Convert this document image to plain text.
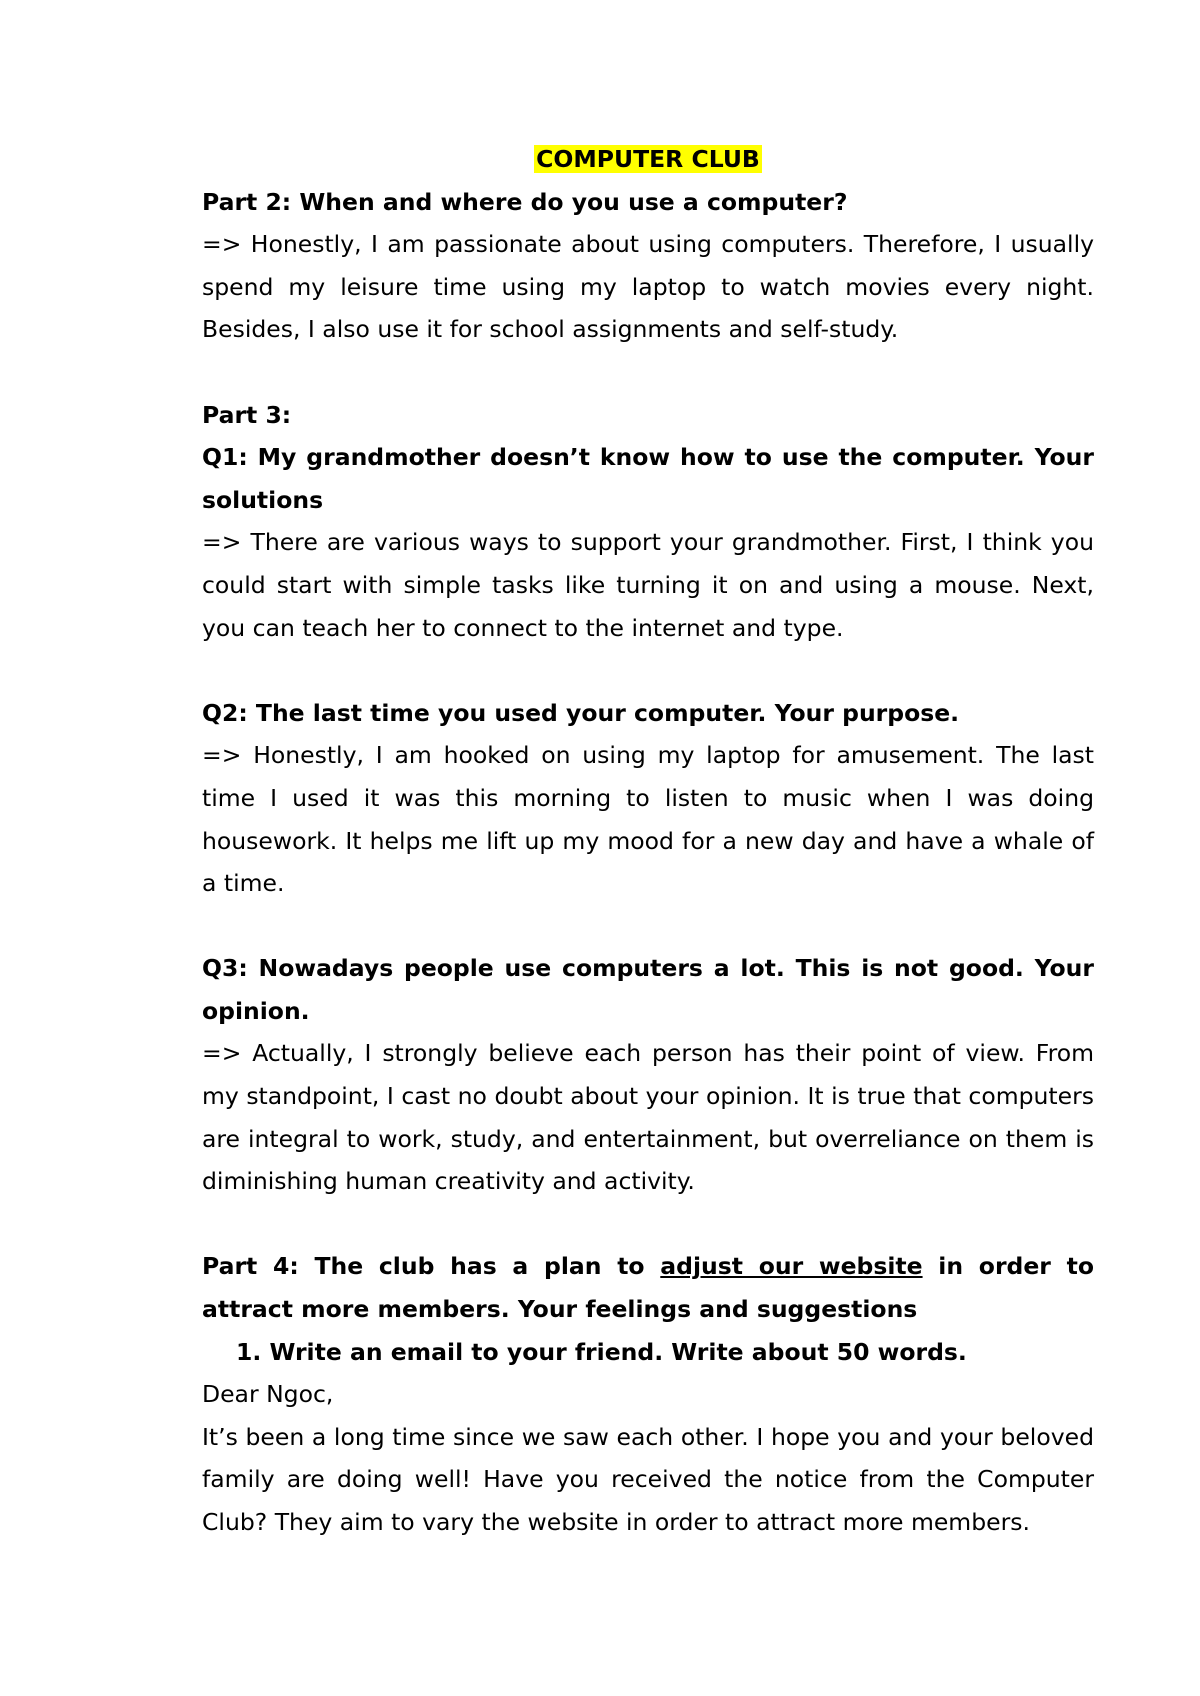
COMPUTER CLUB

Part 2: When and where do you use a computer?

=> Honestly, I am passionate about using computers. Therefore, I usually spend my leisure time using my laptop to watch movies every night. Besides, I also use it for school assignments and self-study.

Part 3:

Q1: My grandmother doesn’t know how to use the computer. Your solutions

=> There are various ways to support your grandmother. First, I think you could start with simple tasks like turning it on and using a mouse. Next, you can teach her to connect to the internet and type.

Q2: The last time you used your computer. Your purpose.

=> Honestly, I am hooked on using my laptop for amusement. The last time I used it was this morning to listen to music when I was doing housework. It helps me lift up my mood for a new day and have a whale of a time.

Q3: Nowadays people use computers a lot. This is not good. Your opinion.

=> Actually, I strongly believe each person has their point of view. From my standpoint, I cast no doubt about your opinion. It is true that computers are integral to work, study, and entertainment, but overreliance on them is diminishing human creativity and activity.

Part 4: The club has a plan to adjust our website in order to attract more members. Your feelings and suggestions

1. Write an email to your friend. Write about 50 words.

Dear Ngoc,

It’s been a long time since we saw each other. I hope you and your beloved family are doing well! Have you received the notice from the Computer Club? They aim to vary the website in order to attract more members.
